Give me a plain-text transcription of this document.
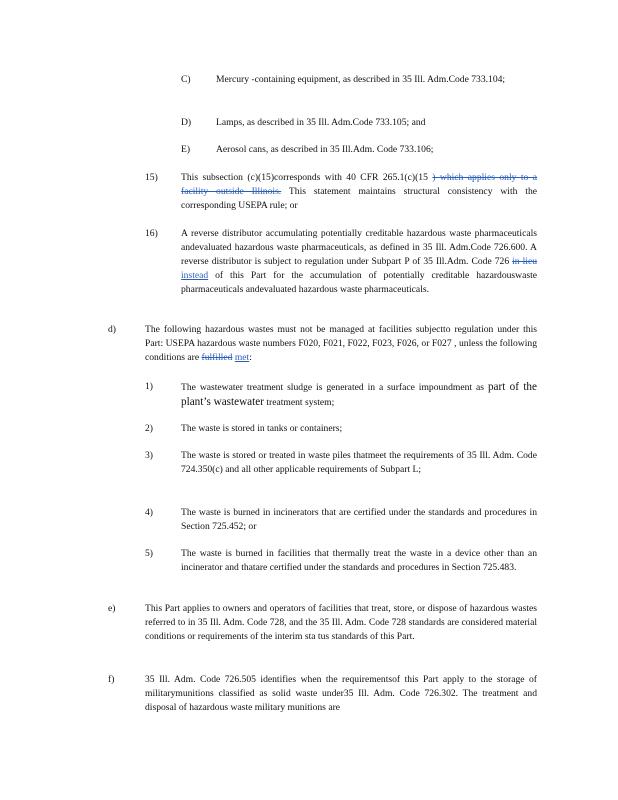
C)	Mercury -containing equipment, as described in 35 Ill. Adm.Code 733.104;
D)	Lamps, as described in 35 Ill. Adm.Code 733.105; and
E)	Aerosol cans, as described in 35 Ill.Adm. Code 733.106;
15) This subsection (c)(15)corresponds with 40 CFR 265.1(c)(15 ) which applies only to a facility outside Illinois. This statement maintains structural consistency with the corresponding USEPA rule; or
16) A reverse distributor accumulating potentially creditable hazardous waste pharmaceuticals andevaluated hazardous waste pharmaceuticals, as defined in 35 Ill. Adm.Code 726.600. A reverse distributor is subject to regulation under Subpart P of 35 Ill.Adm. Code 726 in lieu instead of this Part for the accumulation of potentially creditable hazardouswaste pharmaceuticals andevaluated hazardous waste pharmaceuticals.
d)	The following hazardous wastes must not be managed at facilities subjectto regulation under this Part: USEPA hazardous waste numbers F020, F021, F022, F023, F026, or F027 , unless the following conditions are fulfilled met:
1)	The wastewater treatment sludge is generated in a surface impoundment as part of the plant’s wastewater treatment system;
2)	The waste is stored in tanks or containers;
3)	The waste is stored or treated in waste piles thatmeet the requirements of 35 Ill. Adm. Code 724.350(c) and all other applicable requirements of Subpart L;
4)	The waste is burned in incinerators that are certified under the standards and procedures in Section 725.452; or
5)	The waste is burned in facilities that thermally treat the waste in a device other than an incinerator and thatare certified under the standards and procedures in Section 725.483.
e)	This Part applies to owners and operators of facilities that treat, store, or dispose of hazardous wastes referred to in 35 Ill. Adm. Code 728, and the 35 Ill. Adm. Code 728 standards are considered material conditions or requirements of the interim sta tus standards of this Part.
f)	35 Ill. Adm. Code 726.505 identifies when the requirementsof this Part apply to the storage of militarymunitions classified as solid waste under35 Ill. Adm. Code 726.302. The treatment and disposal of hazardous waste military munitions are
